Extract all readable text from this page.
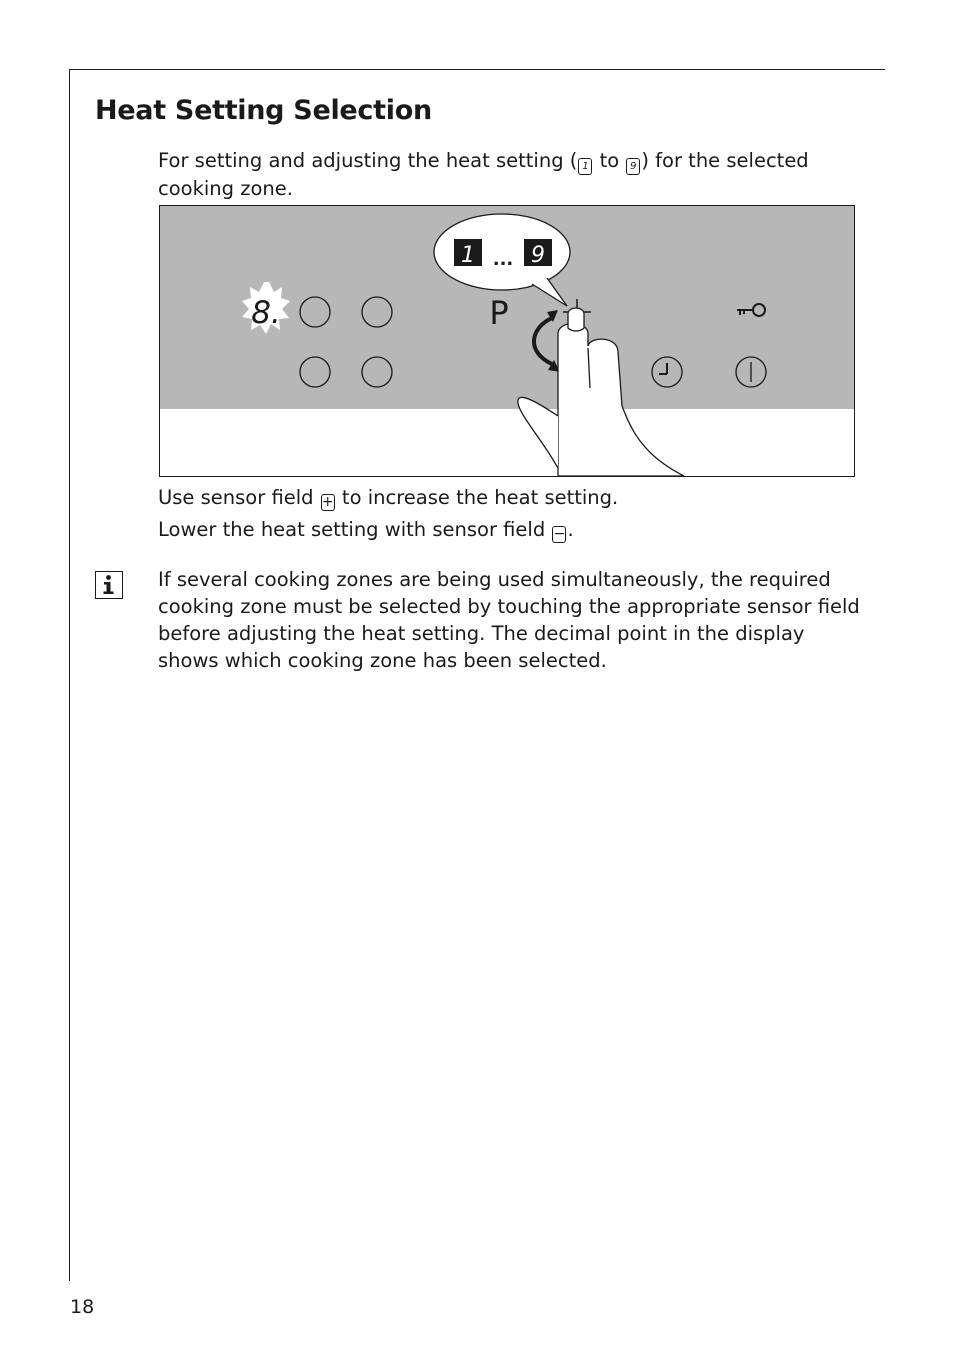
Heat Setting Selection

For setting and adjusting the heat setting ( 1 to 9 ) for the selected cooking zone.

8.	P
1 ... 9

Use sensor field + to increase the heat setting.

Lower the heat setting with sensor field − .

If several cooking zones are being used simultaneously, the required cooking zone must be selected by touching the appropriate sensor field before adjusting the heat setting. The decimal point in the display shows which cooking zone has been selected.

18
